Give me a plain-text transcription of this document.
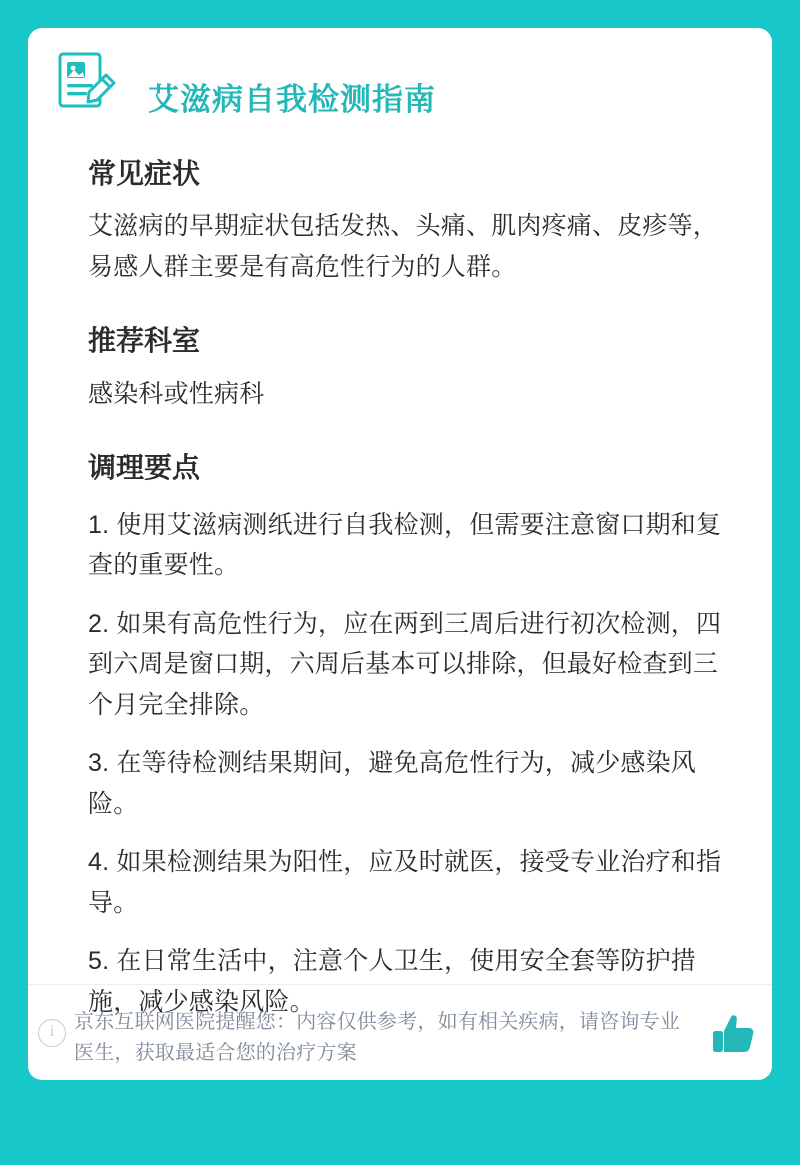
艾滋病自我检测指南
常见症状

艾滋病的早期症状包括发热、头痛、肌肉疼痛、皮疹等，易感人群主要是有高危性行为的人群。

推荐科室

感染科或性病科

调理要点

1. 使用艾滋病测纸进行自我检测，但需要注意窗口期和复查的重要性。

2. 如果有高危性行为，应在两到三周后进行初次检测，四到六周是窗口期，六周后基本可以排除，但最好检查到三个月完全排除。

3. 在等待检测结果期间，避免高危性行为，减少感染风险。

4. 如果检测结果为阳性，应及时就医，接受专业治疗和指导。

5. 在日常生活中，注意个人卫生，使用安全套等防护措施，减少感染风险。

i 京东互联网医院提醒您：内容仅供参考，如有相关疾病，请咨询专业医生，获取最适合您的治疗方案
